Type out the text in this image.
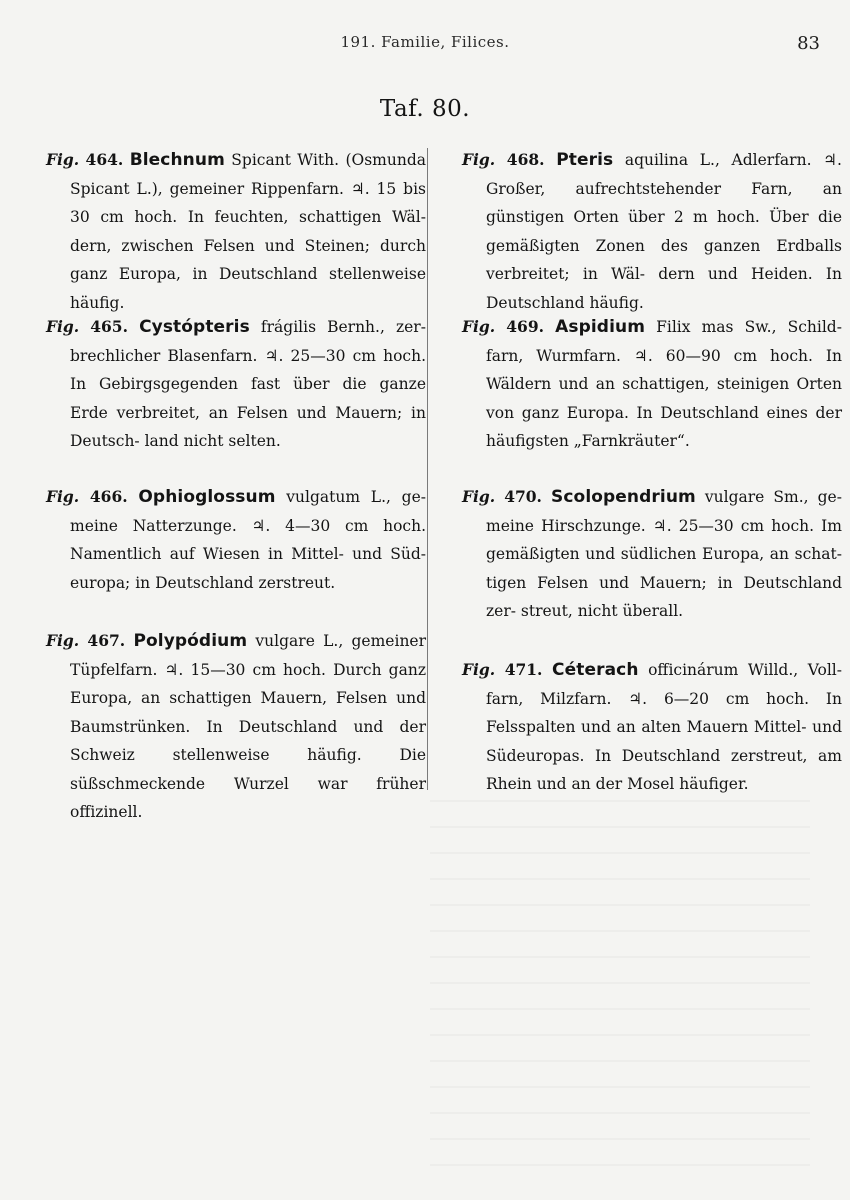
191. Familie, Filices.	83
Taf. 80.

Fig. 464. Blechnum Spicant With. (Osmunda Spicant L.), gemeiner Rippenfarn. ♃. 15 bis 30 cm hoch. In feuchten, schattigen Wäl- dern, zwischen Felsen und Steinen; durch ganz Europa, in Deutschland stellenweise häufig.

Fig. 465. Cystópteris frágilis Bernh., zer- brechlicher Blasenfarn. ♃. 25—30 cm hoch. In Gebirgsgegenden fast über die ganze Erde verbreitet, an Felsen und Mauern; in Deutsch- land nicht selten.

Fig. 466. Ophioglossum vulgatum L., ge- meine Natterzunge. ♃. 4—30 cm hoch. Namentlich auf Wiesen in Mittel- und Süd- europa; in Deutschland zerstreut.

Fig. 467. Polypódium vulgare L., gemeiner Tüpfelfarn. ♃. 15—30 cm hoch. Durch ganz Europa, an schattigen Mauern, Felsen und Baumstrünken. In Deutschland und der Schweiz stellenweise häufig. Die süßschmeckende Wurzel war früher offizinell.

Fig. 468. Pteris aquilina L., Adlerfarn. ♃. Großer, aufrechtstehender Farn, an günstigen Orten über 2 m hoch. Über die gemäßigten Zonen des ganzen Erdballs verbreitet; in Wäl- dern und Heiden. In Deutschland häufig.

Fig. 469. Aspidium Filix mas Sw., Schild- farn, Wurmfarn. ♃. 60—90 cm hoch. In Wäldern und an schattigen, steinigen Orten von ganz Europa. In Deutschland eines der häufigsten „Farnkräuter“.

Fig. 470. Scolopendrium vulgare Sm., ge- meine Hirschzunge. ♃. 25—30 cm hoch. Im gemäßigten und südlichen Europa, an schat- tigen Felsen und Mauern; in Deutschland zer- streut, nicht überall.

Fig. 471. Céterach officinárum Willd., Voll- farn, Milzfarn. ♃. 6—20 cm hoch. In Felsspalten und an alten Mauern Mittel- und Südeuropas. In Deutschland zerstreut, am Rhein und an der Mosel häufiger.
